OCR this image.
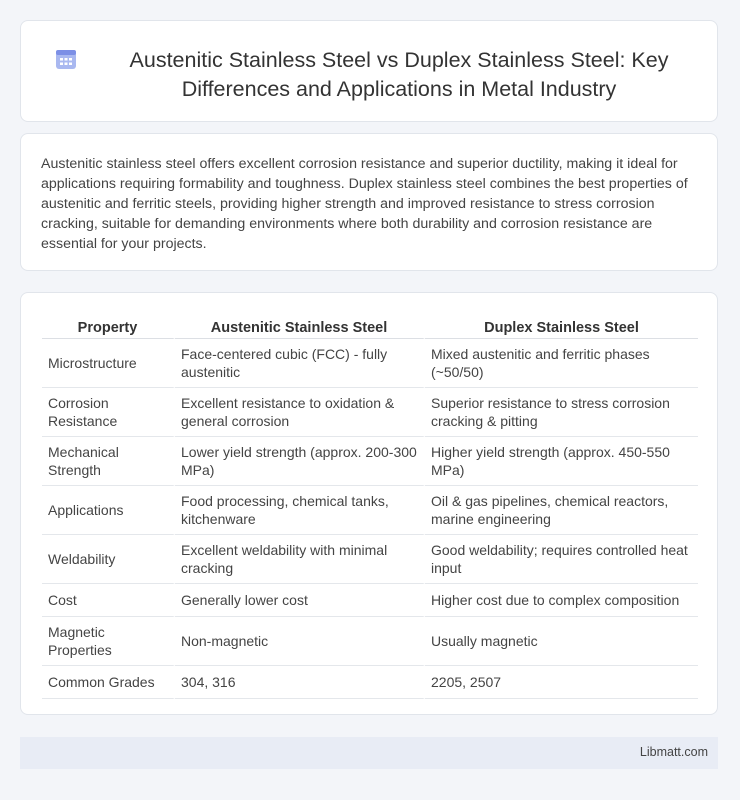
Austenitic Stainless Steel vs Duplex Stainless Steel: Key Differences and Applications in Metal Industry

Austenitic stainless steel offers excellent corrosion resistance and superior ductility, making it ideal for applications requiring formability and toughness. Duplex stainless steel combines the best properties of austenitic and ferritic steels, providing higher strength and improved resistance to stress corrosion cracking, suitable for demanding environments where both durability and corrosion resistance are essential for your projects.

Property	Austenitic Stainless Steel	Duplex Stainless Steel
Microstructure	Face-centered cubic (FCC) - fully austenitic	Mixed austenitic and ferritic phases (~50/50)
Corrosion Resistance	Excellent resistance to oxidation & general corrosion	Superior resistance to stress corrosion cracking & pitting
Mechanical Strength	Lower yield strength (approx. 200-300 MPa)	Higher yield strength (approx. 450-550 MPa)
Applications	Food processing, chemical tanks, kitchenware	Oil & gas pipelines, chemical reactors, marine engineering
Weldability	Excellent weldability with minimal cracking	Good weldability; requires controlled heat input
Cost	Generally lower cost	Higher cost due to complex composition
Magnetic Properties	Non-magnetic	Usually magnetic
Common Grades	304, 316	2205, 2507
Libmatt.com
